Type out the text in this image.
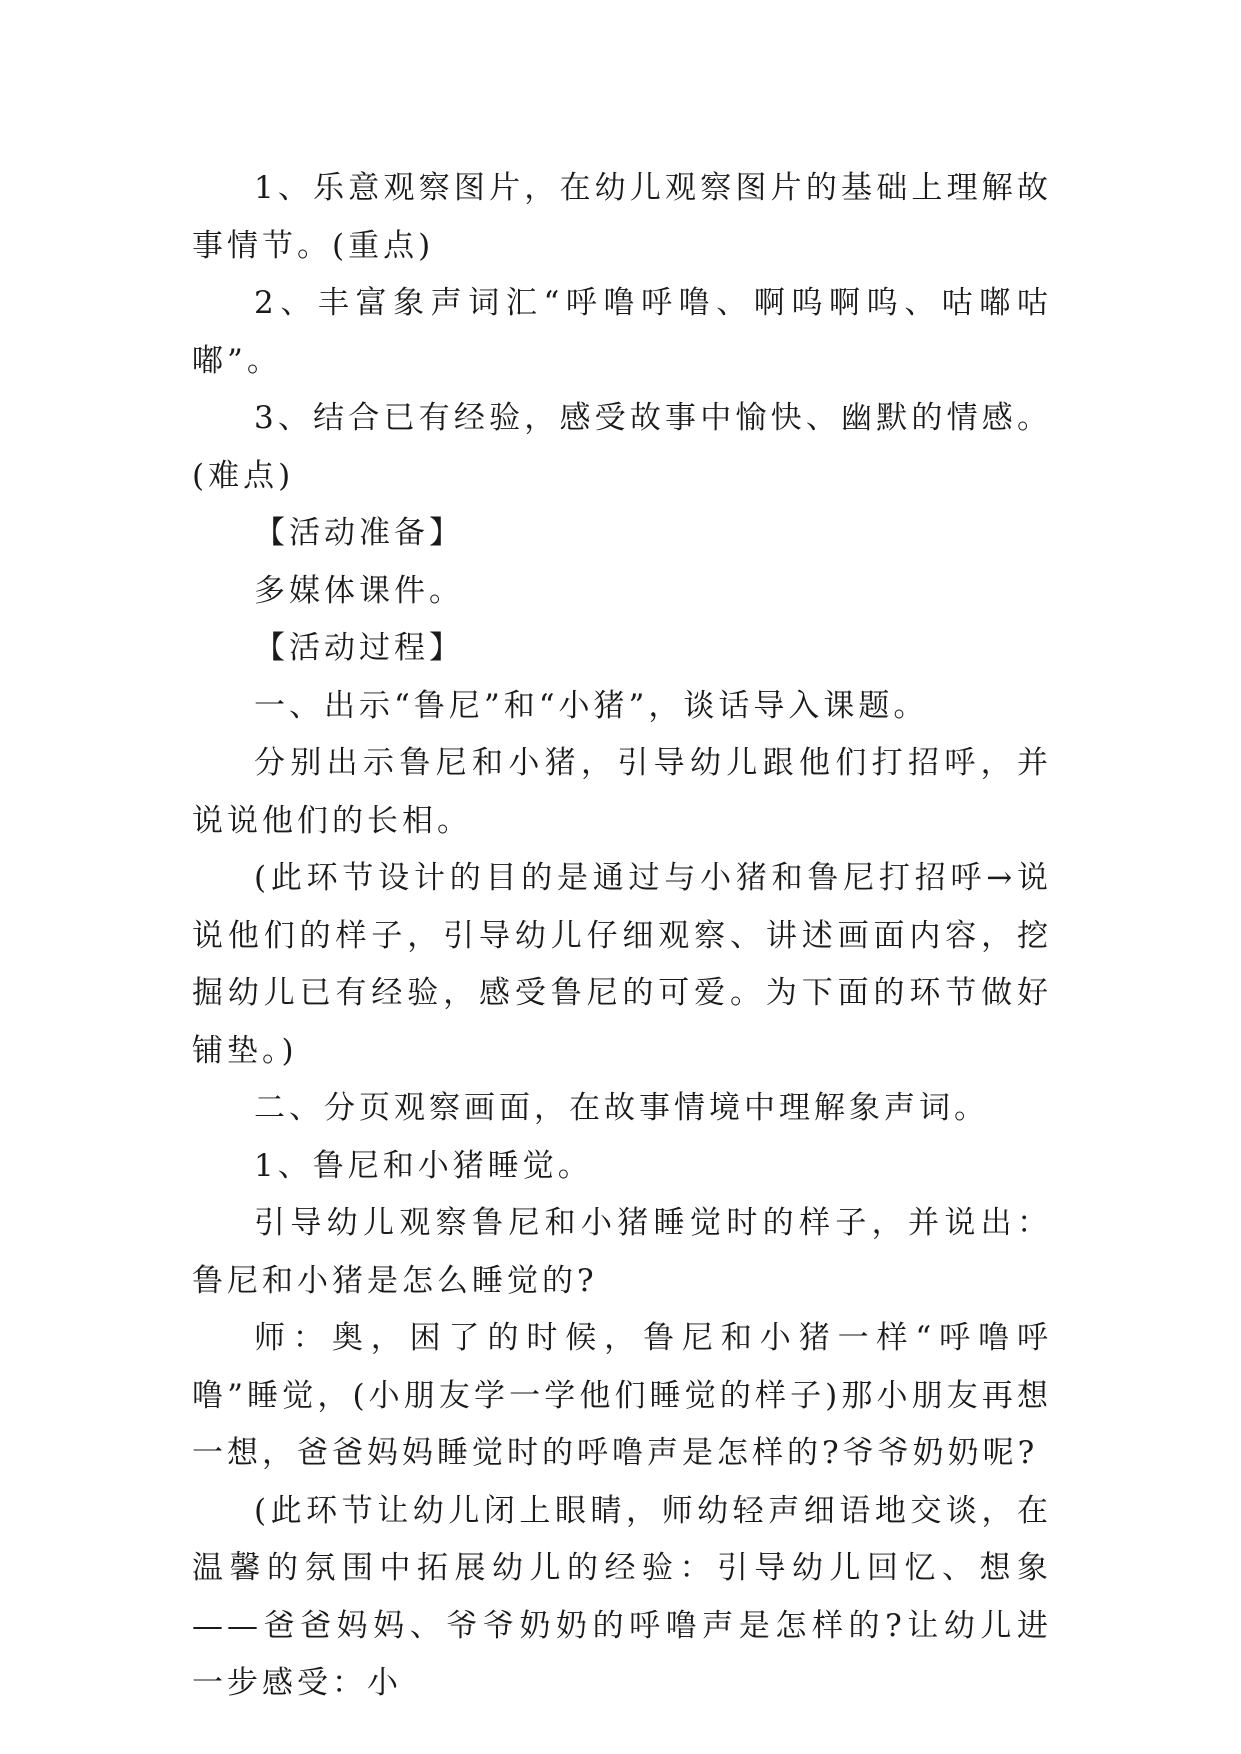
1、乐意观察图片，在幼儿观察图片的基础上理解故事情节。(重点)

2、丰富象声词汇“呼噜呼噜、啊呜啊呜、咕嘟咕嘟”。

3、结合已有经验，感受故事中愉快、幽默的情感。(难点)

【活动准备】

多媒体课件。

【活动过程】

一、出示“鲁尼”和“小猪”，谈话导入课题。

分别出示鲁尼和小猪，引导幼儿跟他们打招呼，并说说他们的长相。

(此环节设计的目的是通过与小猪和鲁尼打招呼→说说他们的样子，引导幼儿仔细观察、讲述画面内容，挖掘幼儿已有经验，感受鲁尼的可爱。为下面的环节做好铺垫。)

二、分页观察画面，在故事情境中理解象声词。

1、鲁尼和小猪睡觉。

引导幼儿观察鲁尼和小猪睡觉时的样子，并说出：鲁尼和小猪是怎么睡觉的?

师：奥，困了的时候，鲁尼和小猪一样“呼噜呼噜”睡觉，(小朋友学一学他们睡觉的样子)那小朋友再想一想，爸爸妈妈睡觉时的呼噜声是怎样的?爷爷奶奶呢?

(此环节让幼儿闭上眼睛，师幼轻声细语地交谈，在温馨的氛围中拓展幼儿的经验：引导幼儿回忆、想象——爸爸妈妈、爷爷奶奶的呼噜声是怎样的?让幼儿进一步感受：小
